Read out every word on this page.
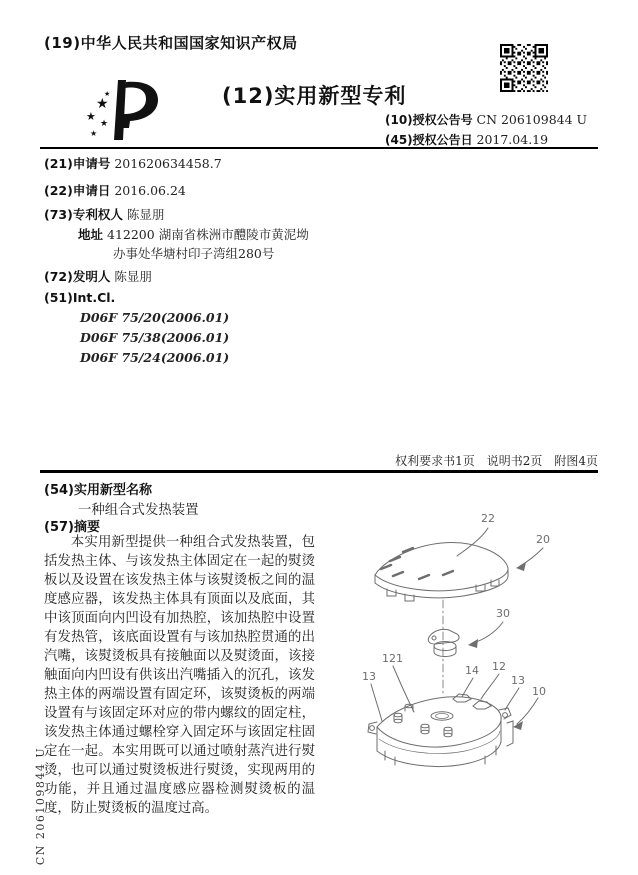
(19)中华人民共和国国家知识产权局
★
★
★
★
★	(12)实用新型专利
(10)授权公告号 CN 206109844 U
(45)授权公告日 2017.04.19
(21)申请号 201620634458.7
(22)申请日 2016.06.24
(73)专利权人 陈显朋
地址 412200 湖南省株洲市醴陵市黄泥坳
办事处华塘村印子湾组280号
(72)发明人 陈显朋
(51)Int.Cl.
D06F 75/20(2006.01)
D06F 75/38(2006.01)
D06F 75/24(2006.01)
权利要求书1页　说明书2页　附图4页
(54)实用新型名称
一种组合式发热装置
(57)摘要
本实用新型提供一种组合式发热装置，包括发热主体、与该发热主体固定在一起的熨烫板以及设置在该发热主体与该熨烫板之间的温度感应器，该发热主体具有顶面以及底面，其中该顶面向内凹设有加热腔，该加热腔中设置有发热管，该底面设置有与该加热腔贯通的出汽嘴，该熨烫板具有接触面以及熨烫面，该接触面向内凹设有供该出汽嘴插入的沉孔，该发热主体的两端设置有固定环，该熨烫板的两端设置有与该固定环对应的带内螺纹的固定柱，该发热主体通过螺栓穿入固定环与该固定柱固定在一起。本实用既可以通过喷射蒸汽进行熨烫，也可以通过熨烫板进行熨烫，实现两用的功能，并且通过温度感应器检测熨烫板的温度，防止熨烫板的温度过高。
22
20
30
121
13	14 12
13
10
CN 206109844 U
